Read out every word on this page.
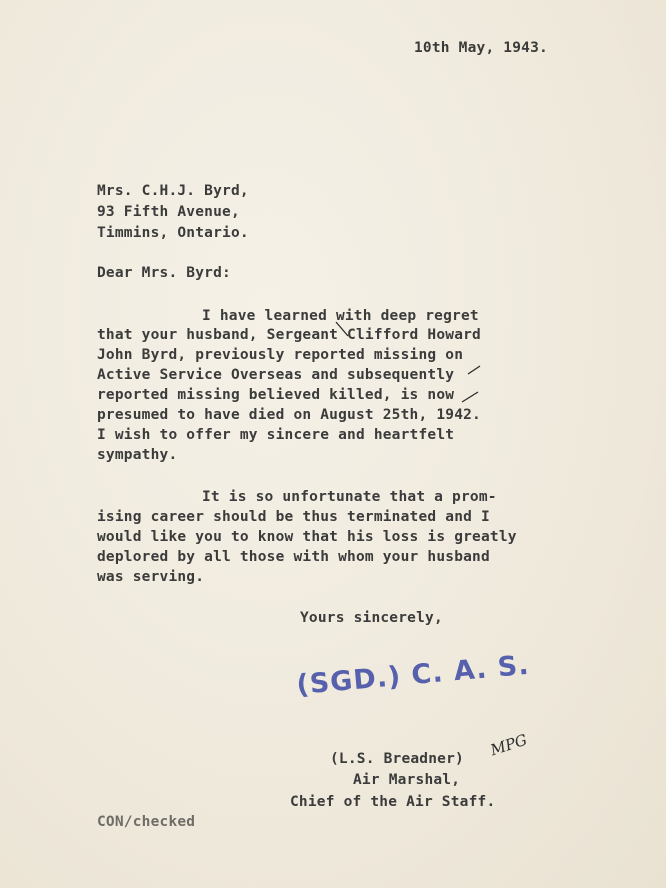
10th May, 1943.
Mrs. C.H.J. Byrd,
93 Fifth Avenue,
Timmins, Ontario.
Dear Mrs. Byrd:
I have learned with deep regret
that your husband, Sergeant Clifford Howard
John Byrd, previously reported missing on
Active Service Overseas and subsequently
reported missing believed killed, is now
presumed to have died on August 25th, 1942.
I wish to offer my sincere and heartfelt
sympathy.
It is so unfortunate that a prom-
ising career should be thus terminated and I
would like you to know that his loss is greatly
deplored by all those with whom your husband
was serving.
Yours sincerely,
(SGD.) C. A. S.
MPG
(L.S. Breadner)
Air Marshal,
Chief of the Air Staff.
CON/checked
